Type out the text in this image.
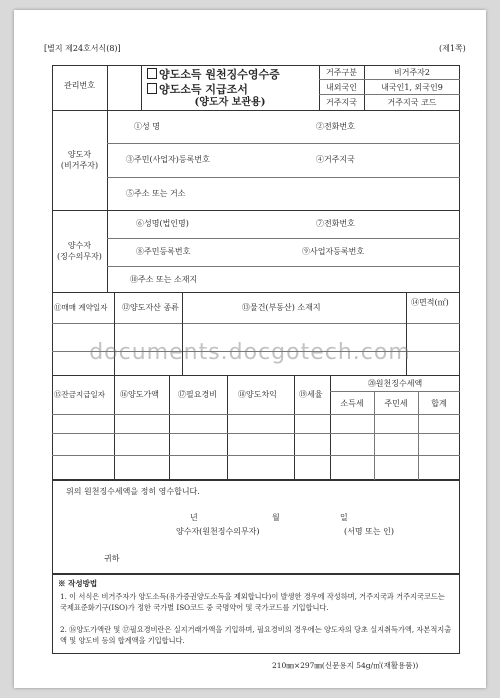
[별지 제24호서식(8)]	(제1쪽)
관리번호
양도소득 원천징수영수증
양도소득 지급조서
(양도자 보관용)
거주구분	비거주자2
내외국인	내국인1, 외국인9
거주지국	거주지국 코드
양도자
(비거주자)
①성 명	②전화번호
③주민(사업자)등록번호	④거주지국
⑤주소 또는 거소
양수자
(징수의무자)
⑥성명(법인명)	⑦전화번호
⑧주민등록번호	⑨사업자등록번호
⑩주소 또는 소재지
⑪매매 계약일자 ⑫양도자산 종류	⑬물건(부동산) 소재지
⑭면적(㎡)
documents.docgotech.com
⑮잔금지급일자 ⑯양도가액 ⑰필요경비	⑱양도차익	⑲세율
⑳원천징수세액
소득세	주민세	합계
위의 원천징수세액을 정히 영수합니다.
년	월	일
양수자(원천징수의무자)	(서명 또는 인)
귀하
※ 작성방법
1. 이 서식은 비거주자가 양도소득(유가증권양도소득을 제외합니다)이 발생한 경우에 작성하며, 거주지국과 거주지국코드는 국제표준화기구(ISO)가 정한 국가별 ISO코드 중 국명약어 및 국가코드를 기입합니다.
2. ⑯양도가액란 및 ⑰필요경비란은 실지거래가액을 기입하며, 필요경비의 경우에는 양도자의 당초 실지취득가액, 자본적지출액 및 양도비 등의 합계액을 기입합니다.
210㎜×297㎜(신문용지 54g/㎡(재활용품))
